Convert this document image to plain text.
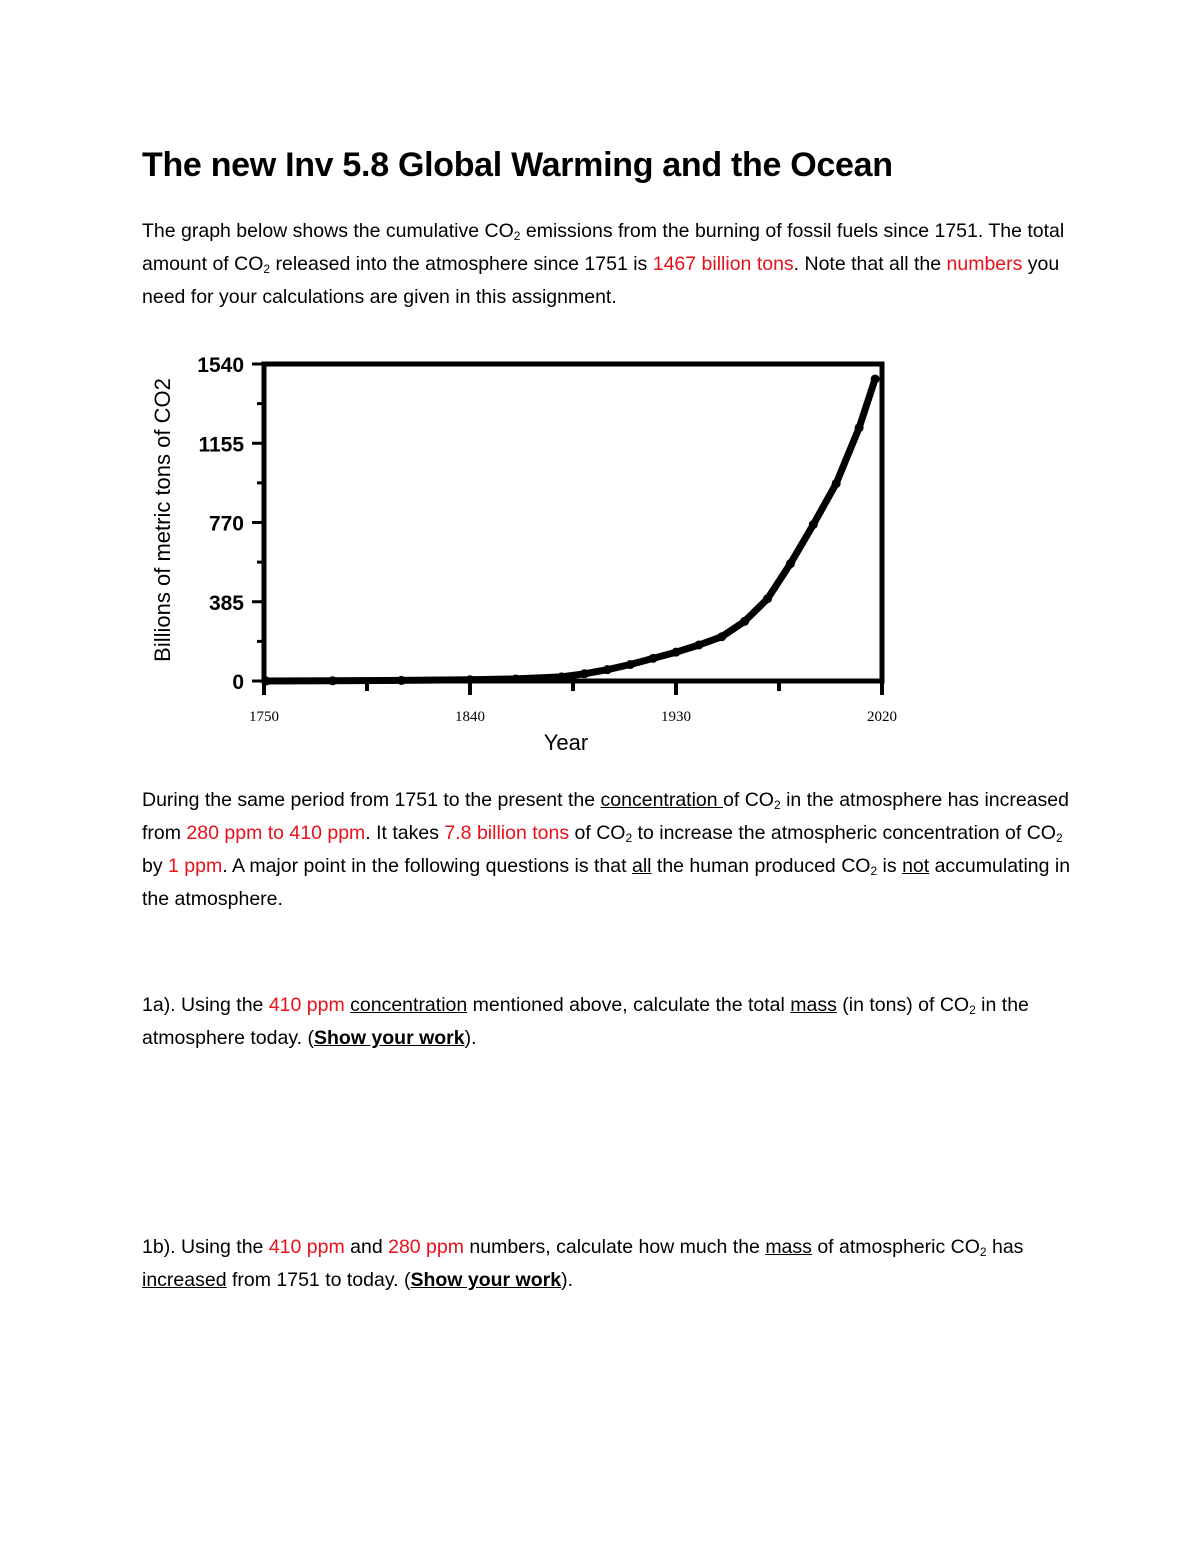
The new Inv 5.8 Global Warming and the Ocean
The graph below shows the cumulative $CO_2$ emissions from the burning of fossil fuels since 1751. The total amount of $CO_2$ released into the atmosphere since 1751 is 1467 billion tons. Note that all the numbers you need for your calculations are given in this assignment.
0
385
770
1155
1540
1750	1840	1930	2020
Billions of metric tons of CO2
Year
During the same period from 1751 to the present the concentration of $CO_2$ in the atmosphere has increased from 280 ppm to 410 ppm. It takes 7.8 billion tons of $CO_2$ to increase the atmospheric concentration of $CO_2$ by 1 ppm. A major point in the following questions is that all the human produced $CO_2$ is not accumulating in the atmosphere.
1a). Using the 410 ppm concentration mentioned above, calculate the total mass (in tons) of $CO_2$ in the atmosphere today. (Show your work).
1b). Using the 410 ppm and 280 ppm numbers, calculate how much the mass of atmospheric $CO_2$ has increased from 1751 to today. (Show your work).
